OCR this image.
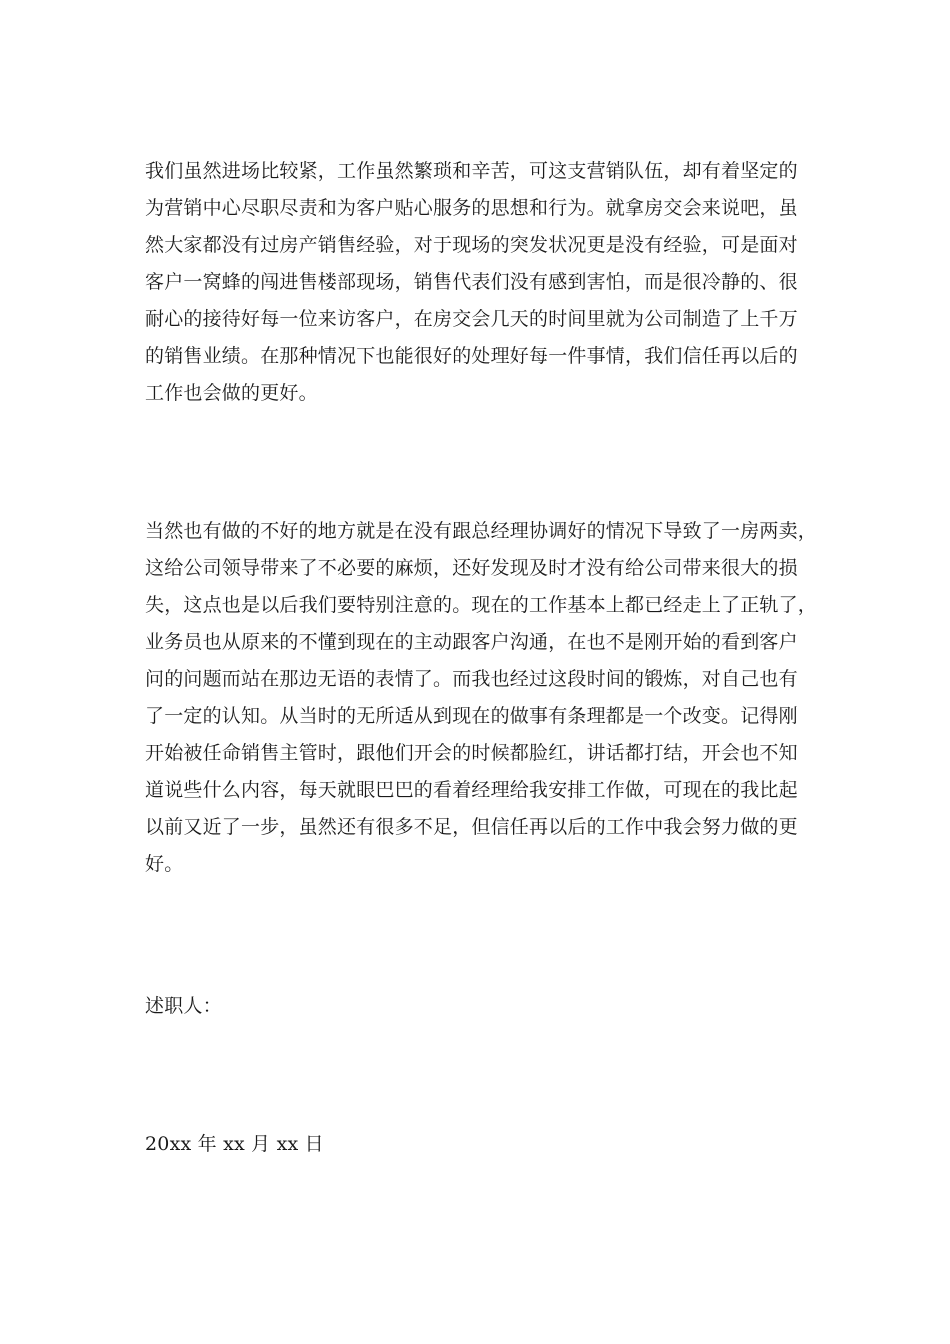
我们虽然进场比较紧，工作虽然繁琐和辛苦，可这支营销队伍，却有着坚定的
为营销中心尽职尽责和为客户贴心服务的思想和行为。就拿房交会来说吧，虽
然大家都没有过房产销售经验，对于现场的突发状况更是没有经验，可是面对
客户一窝蜂的闯进售楼部现场，销售代表们没有感到害怕，而是很冷静的、很
耐心的接待好每一位来访客户，在房交会几天的时间里就为公司制造了上千万
的销售业绩。在那种情况下也能很好的处理好每一件事情，我们信任再以后的
工作也会做的更好。
当然也有做的不好的地方就是在没有跟总经理协调好的情况下导致了一房两卖，
这给公司领导带来了不必要的麻烦，还好发现及时才没有给公司带来很大的损
失，这点也是以后我们要特别注意的。现在的工作基本上都已经走上了正轨了，
业务员也从原来的不懂到现在的主动跟客户沟通，在也不是刚开始的看到客户
问的问题而站在那边无语的表情了。而我也经过这段时间的锻炼，对自己也有
了一定的认知。从当时的无所适从到现在的做事有条理都是一个改变。记得刚
开始被任命销售主管时，跟他们开会的时候都脸红，讲话都打结，开会也不知
道说些什么内容，每天就眼巴巴的看着经理给我安排工作做，可现在的我比起
以前又近了一步，虽然还有很多不足，但信任再以后的工作中我会努力做的更
好。
述职人：
20xx 年 xx 月 xx 日
